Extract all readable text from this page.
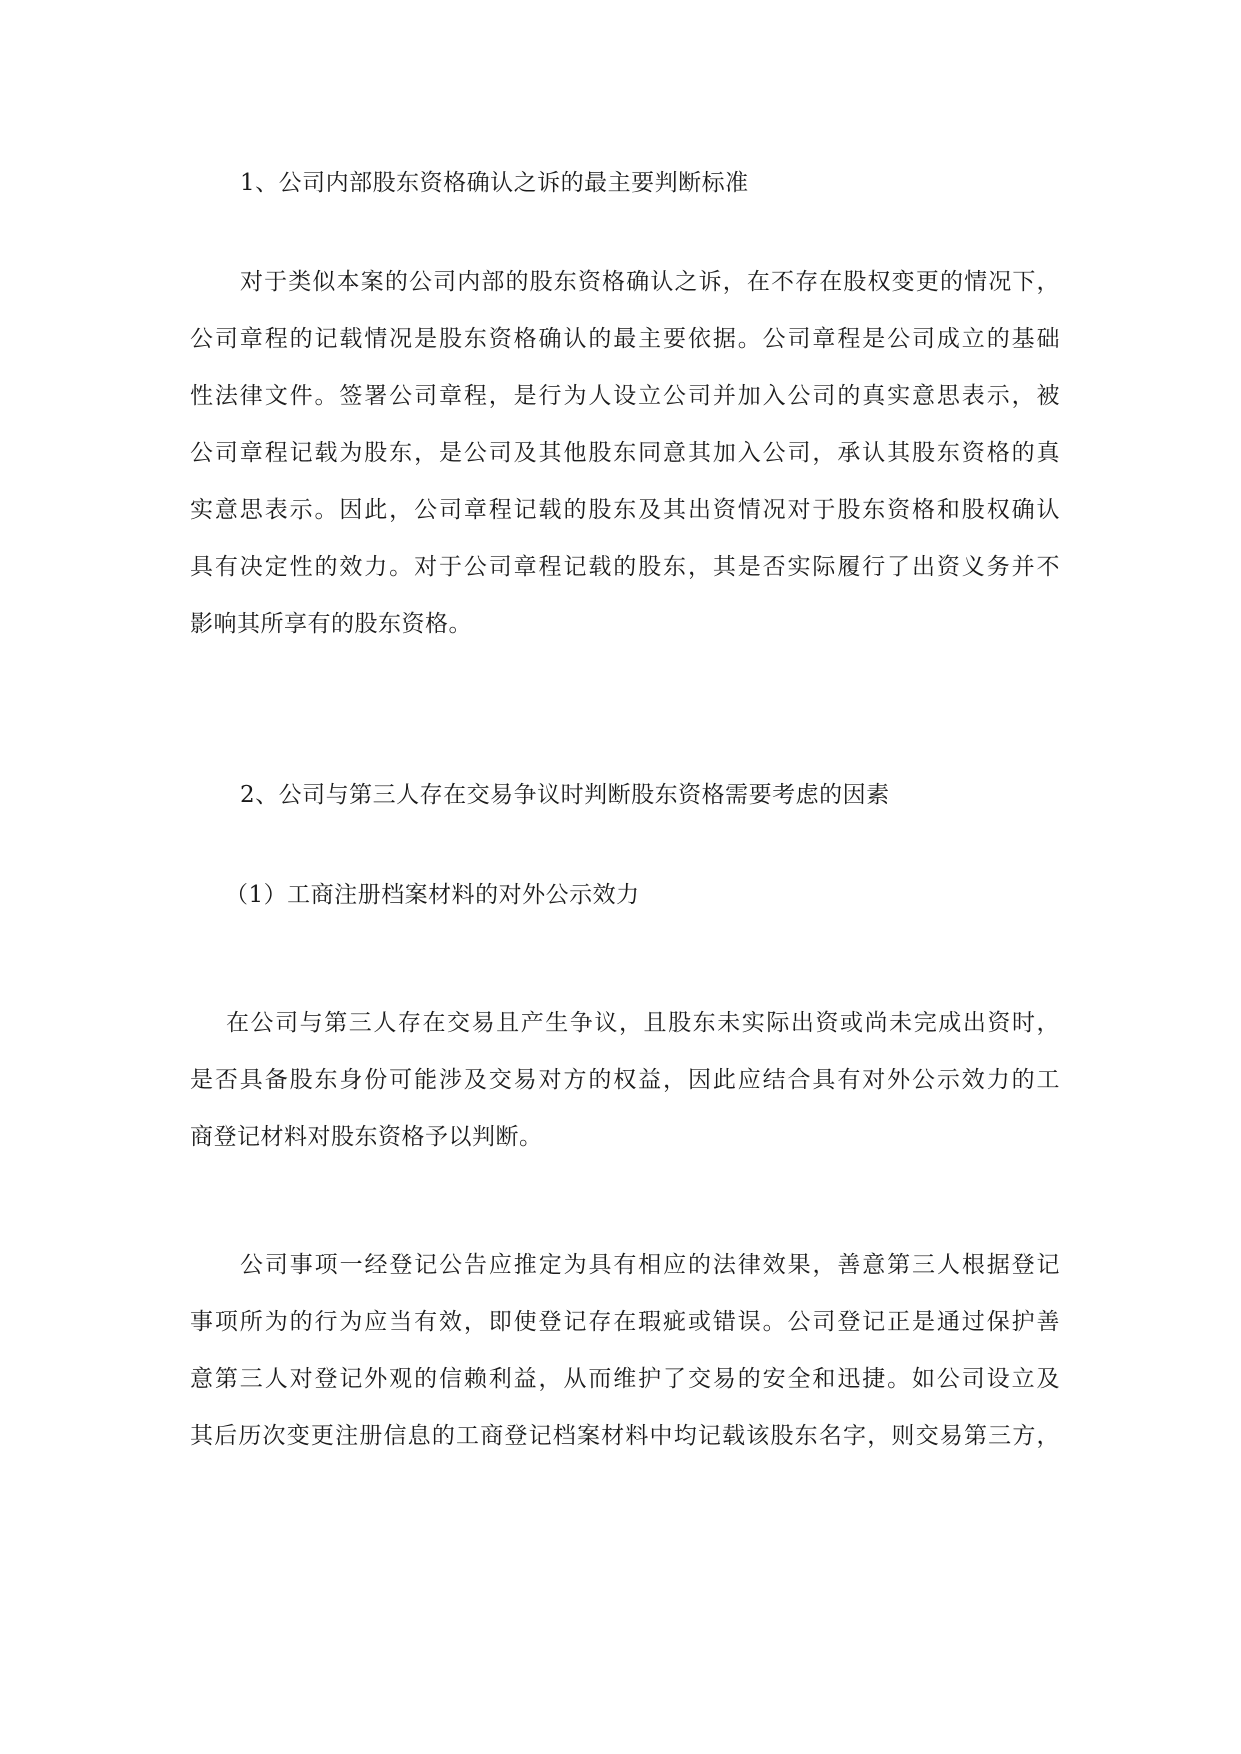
1、公司内部股东资格确认之诉的最主要判断标准
对于类似本案的公司内部的股东资格确认之诉，在不存在股权变更的情况下，
公司章程的记载情况是股东资格确认的最主要依据。公司章程是公司成立的基础
性法律文件。签署公司章程，是行为人设立公司并加入公司的真实意思表示，被
公司章程记载为股东，是公司及其他股东同意其加入公司，承认其股东资格的真
实意思表示。因此，公司章程记载的股东及其出资情况对于股东资格和股权确认
具有决定性的效力。对于公司章程记载的股东，其是否实际履行了出资义务并不
影响其所享有的股东资格。
2、公司与第三人存在交易争议时判断股东资格需要考虑的因素
（1）工商注册档案材料的对外公示效力
在公司与第三人存在交易且产生争议，且股东未实际出资或尚未完成出资时，
是否具备股东身份可能涉及交易对方的权益，因此应结合具有对外公示效力的工
商登记材料对股东资格予以判断。
公司事项一经登记公告应推定为具有相应的法律效果，善意第三人根据登记
事项所为的行为应当有效，即使登记存在瑕疵或错误。公司登记正是通过保护善
意第三人对登记外观的信赖利益，从而维护了交易的安全和迅捷。如公司设立及
其后历次变更注册信息的工商登记档案材料中均记载该股东名字，则交易第三方，
